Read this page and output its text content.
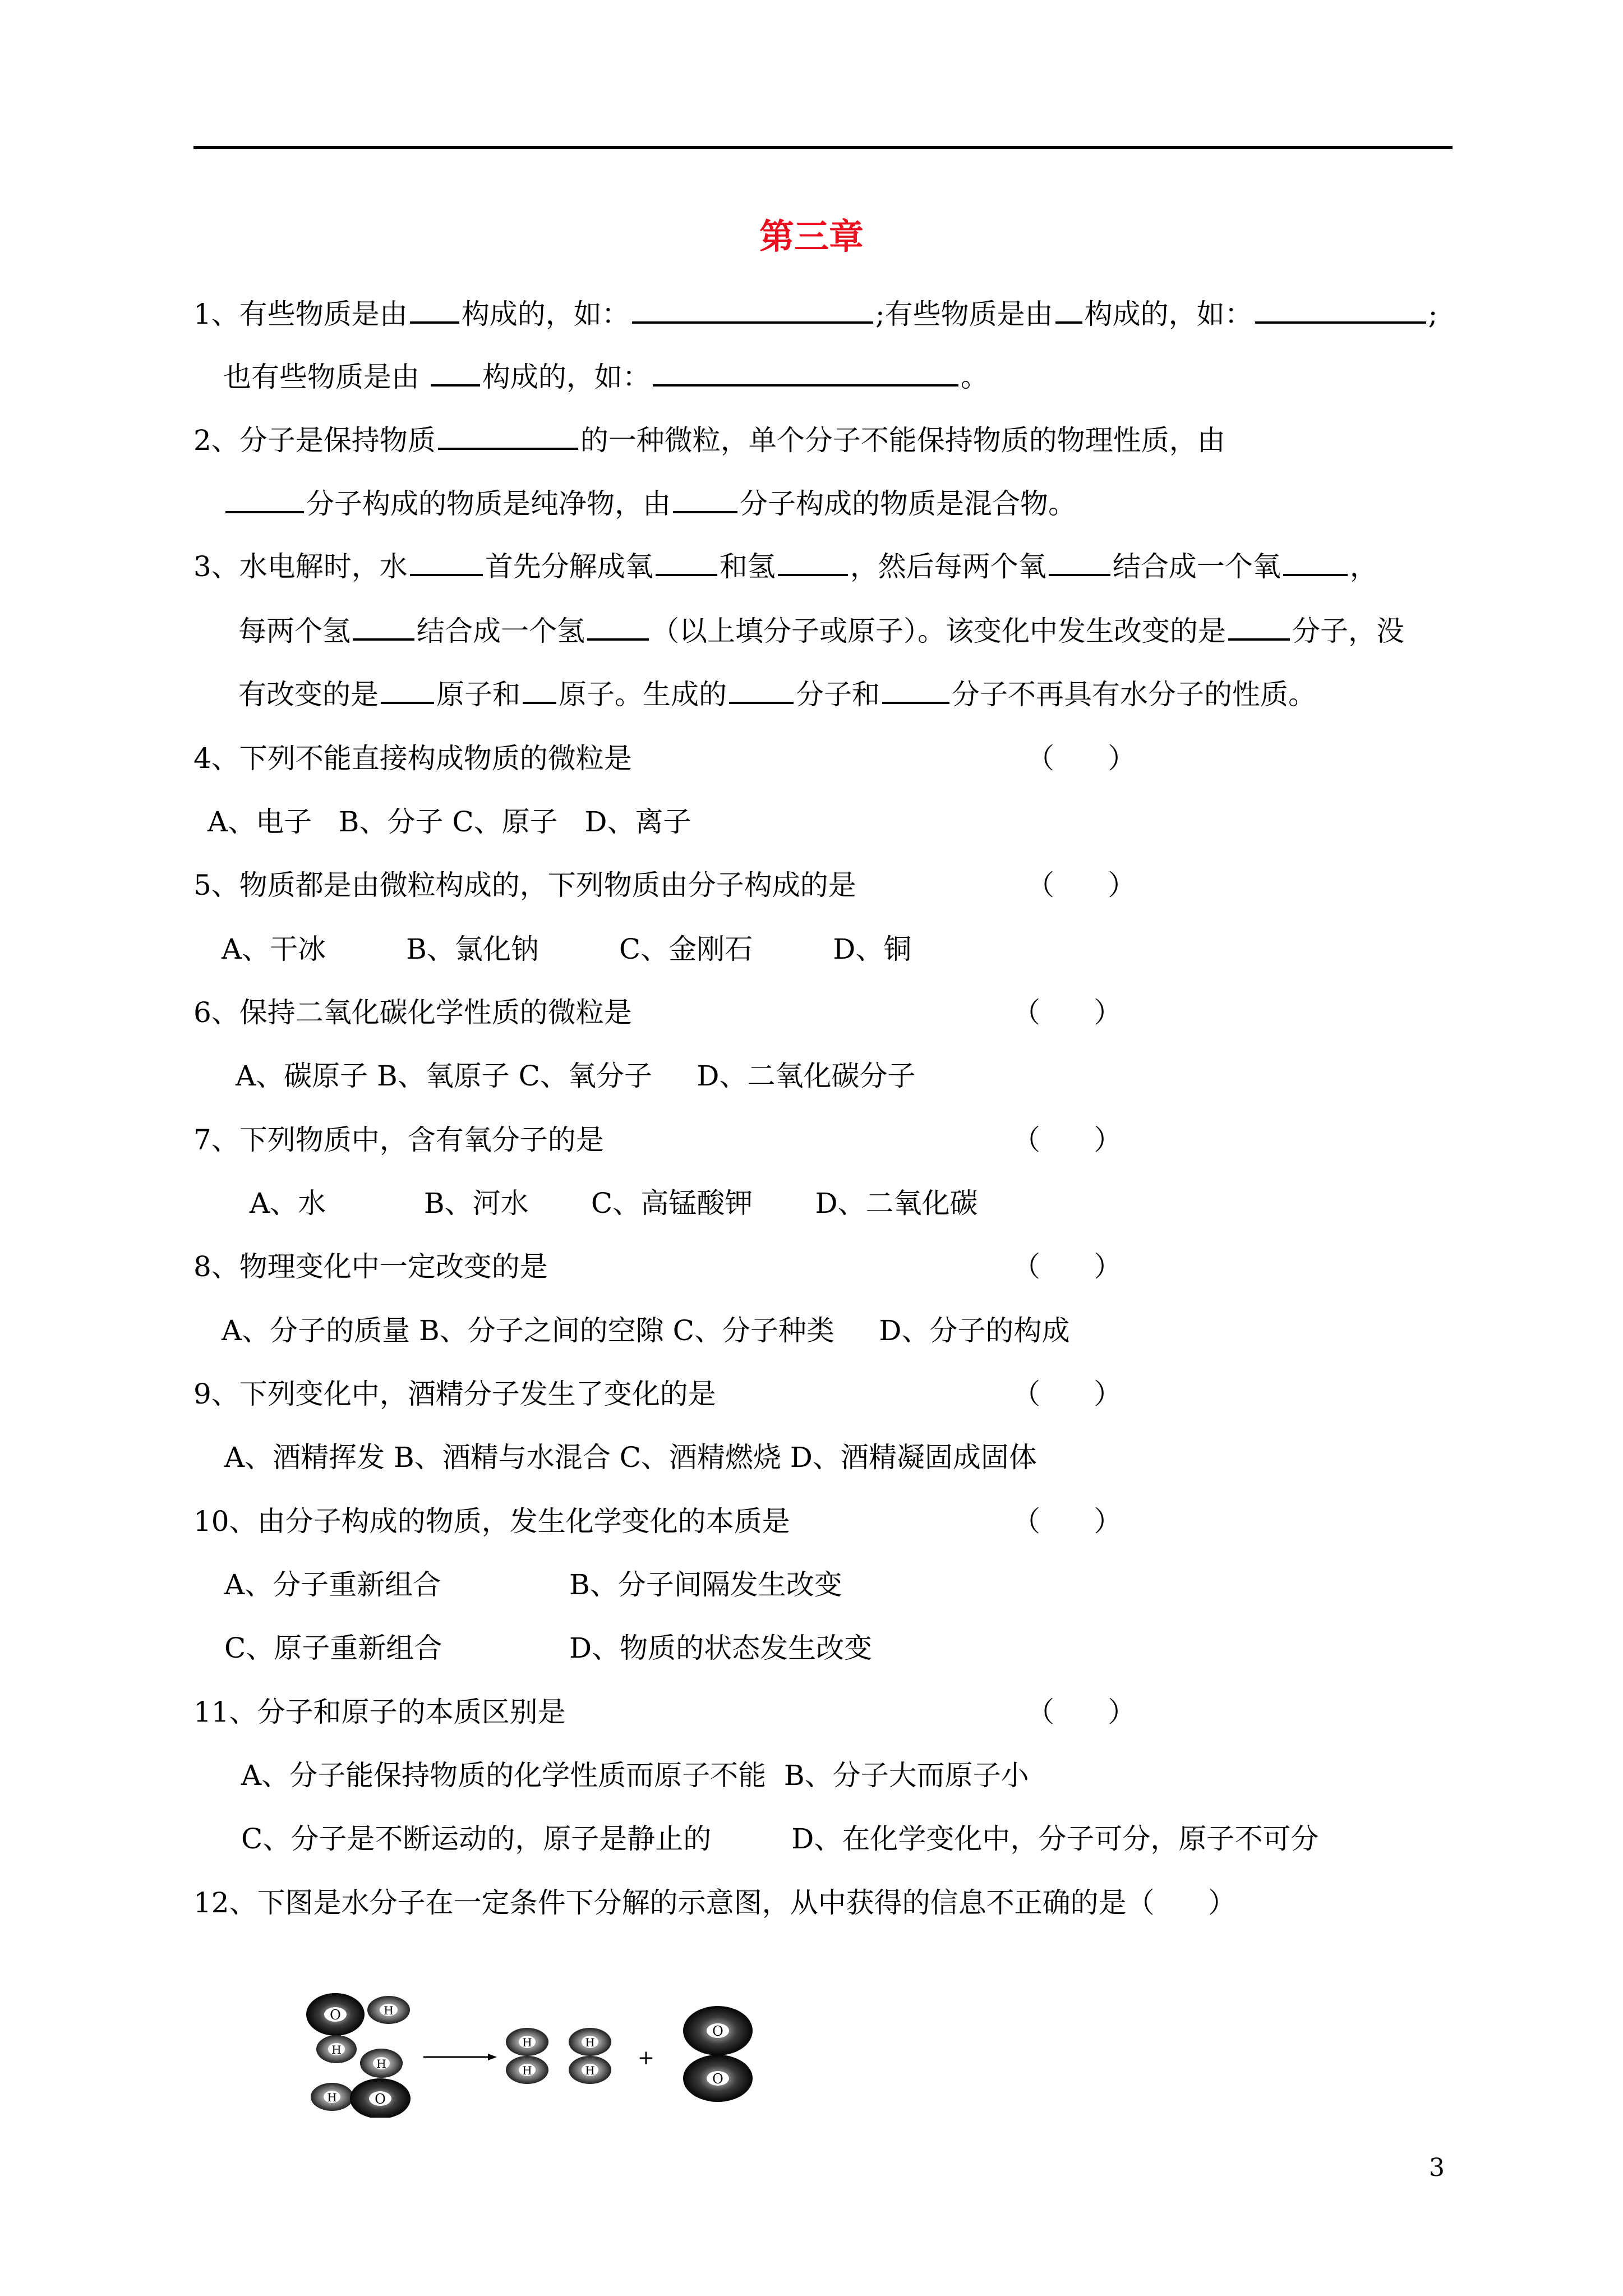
第三章
1、有些物质是由 构成的，如：	;有些物质是由 构成的，如：	;
也有些物质是由 构成的，如：	。
2、分子是保持物质	的一种微粒，单个分子不能保持物质的物理性质，由
分子构成的物质是纯净物，由 分子构成的物质是混合物。
3、水电解时，水	首先分解成氧 和氢	，然后每两个氧 结合成一个氧 ，
每两个氢 结合成一个氢 （以上填分子或原子）。该变化中发生改变的是 分子，没
有改变的是 原子和 原子。生成的 分子和	分子不再具有水分子的性质。
4、下列不能直接构成物质的微粒是	（      ）
A、电子   B、分子 C、原子   D、离子
5、物质都是由微粒构成的，下列物质由分子构成的是	（      ）
A、干冰         B、氯化钠         C、金刚石         D、铜
6、保持二氧化碳化学性质的微粒是	（      ）
A、碳原子 B、氧原子 C、氧分子     D、二氧化碳分子
7、下列物质中，含有氧分子的是	（      ）
A、水           B、河水       C、高锰酸钾       D、二氧化碳
8、物理变化中一定改变的是	（      ）
A、分子的质量 B、分子之间的空隙 C、分子种类     D、分子的构成
9、下列变化中，酒精分子发生了变化的是	（      ）
A、酒精挥发 B、酒精与水混合 C、酒精燃烧 D、酒精凝固成固体
10、由分子构成的物质，发生化学变化的本质是	（      ）
A、分子重新组合	B、分子间隔发生改变
C、原子重新组合	D、物质的状态发生改变
11、分子和原子的本质区别是	（      ）
A、分子能保持物质的化学性质而原子不能  B、分子大而原子小
C、分子是不断运动的，原子是静止的         D、在化学变化中，分子可分，原子不可分
12、下图是水分子在一定条件下分解的示意图，从中获得的信息不正确的是（      ）
O	H
H
H
H	O
H
H
H
H
+
O
O
3
